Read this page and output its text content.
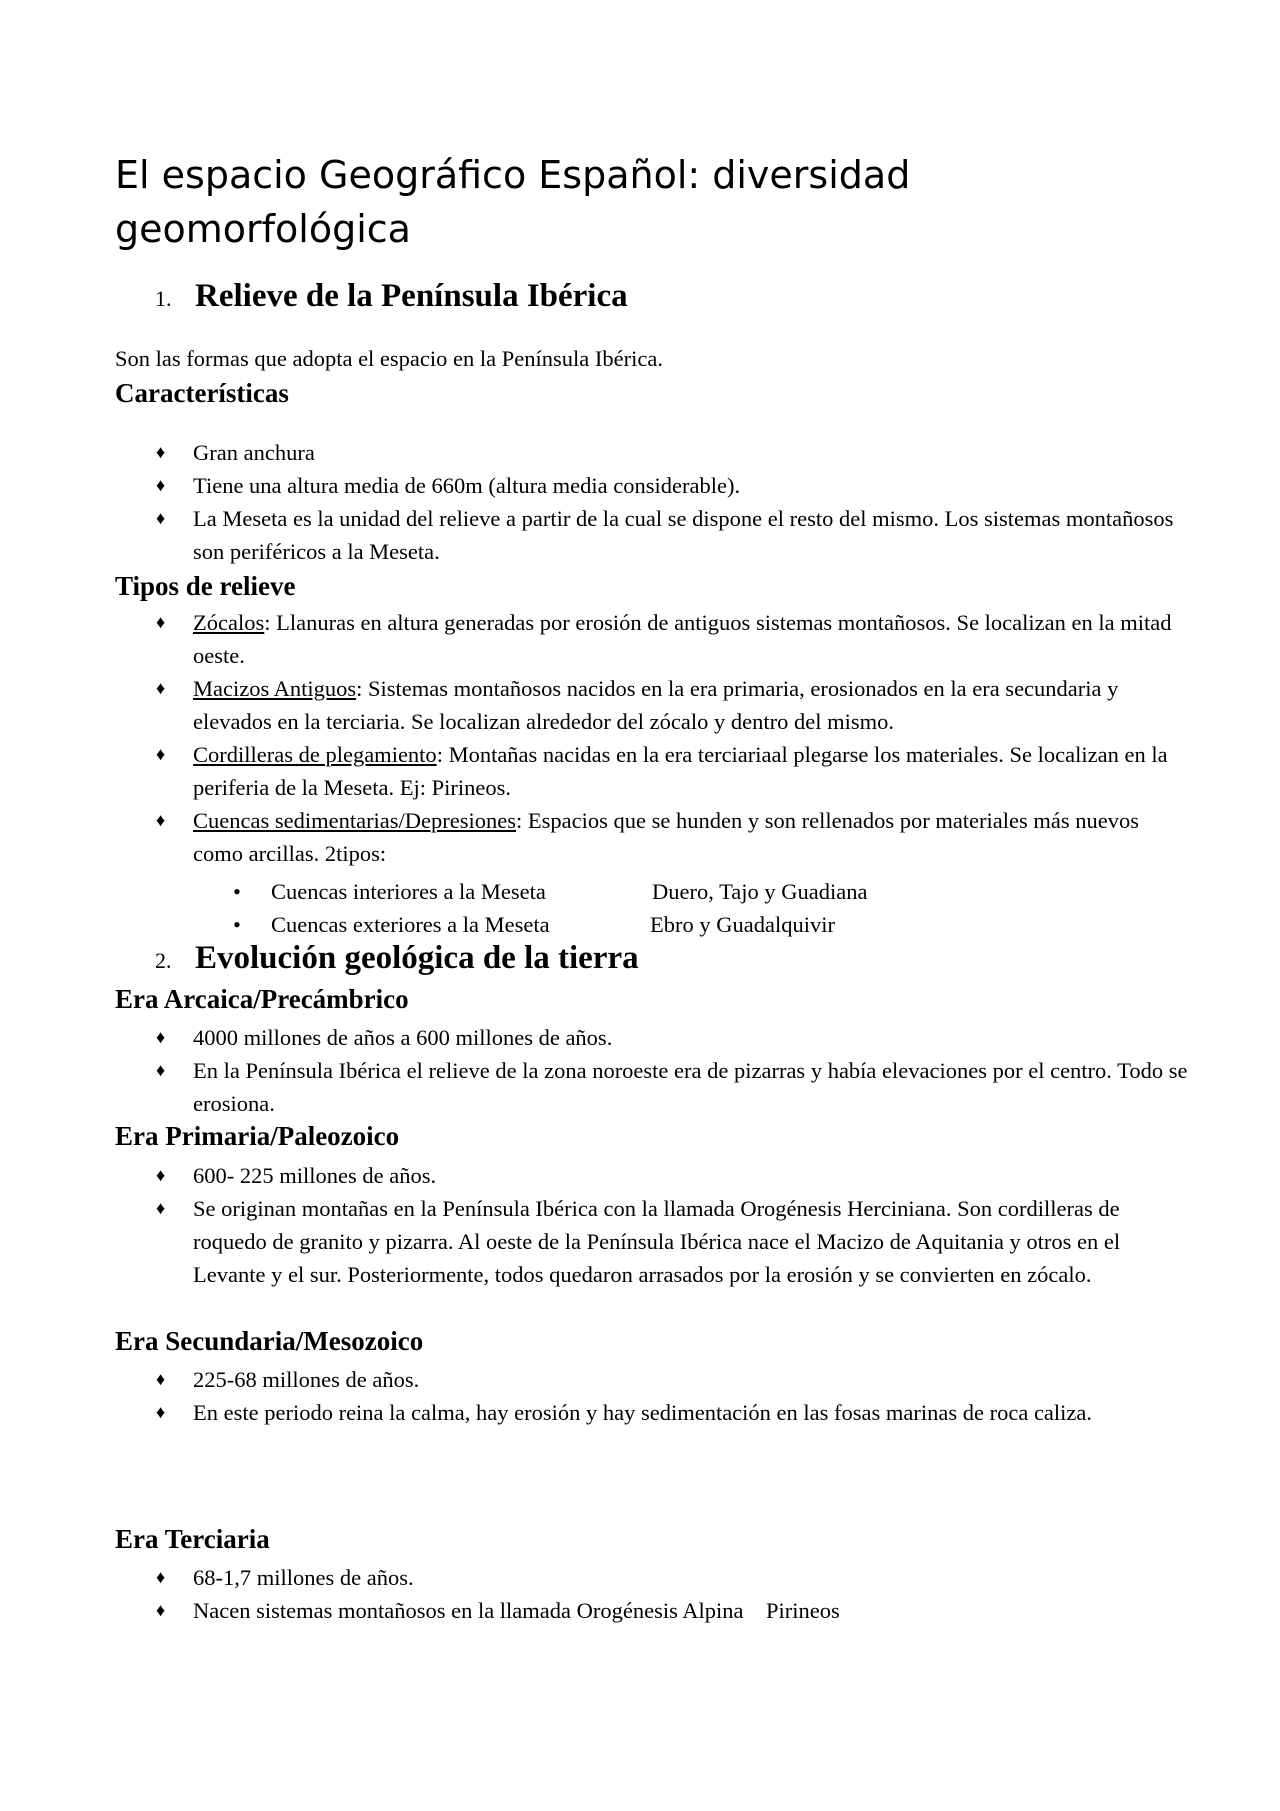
El espacio Geográfico Español: diversidad geomorfológica
1. Relieve de la Península Ibérica

Son las formas que adopta el espacio en la Península Ibérica.

Características
♦ Gran anchura
♦ Tiene una altura media de 660m (altura media considerable).
♦ La Meseta es la unidad del relieve a partir de la cual se dispone el resto del mismo. Los sistemas montañosos son periféricos a la Meseta.
Tipos de relieve
♦ Zócalos: Llanuras en altura generadas por erosión de antiguos sistemas montañosos. Se localizan en la mitad oeste.
♦ Macizos Antiguos: Sistemas montañosos nacidos en la era primaria, erosionados en la era secundaria y elevados en la terciaria. Se localizan alrededor del zócalo y dentro del mismo.
♦ Cordilleras de plegamiento: Montañas nacidas en la era terciariaal plegarse los materiales. Se localizan en la periferia de la Meseta. Ej: Pirineos.
♦ Cuencas sedimentarias/Depresiones: Espacios que se hunden y son rellenados por materiales más nuevos como arcillas. 2tipos:
• Cuencas interiores a la Meseta	Duero, Tajo y Guadiana
• Cuencas exteriores a la Meseta	Ebro y Guadalquivir
2. Evolución geológica de la tierra
Era Arcaica/Precámbrico
♦ 4000 millones de años a 600 millones de años.
♦ En la Península Ibérica el relieve de la zona noroeste era de pizarras y había elevaciones por el centro. Todo se erosiona.
Era Primaria/Paleozoico
♦ 600- 225 millones de años.
♦ Se originan montañas en la Península Ibérica con la llamada Orogénesis Herciniana. Son cordilleras de roquedo de granito y pizarra. Al oeste de la Península Ibérica nace el Macizo de Aquitania y otros en el Levante y el sur. Posteriormente, todos quedaron arrasados por la erosión y se convierten en zócalo.
Era Secundaria/Mesozoico
♦ 225-68 millones de años.
♦ En este periodo reina la calma, hay erosión y hay sedimentación en las fosas marinas de roca caliza.
Era Terciaria
♦ 68-1,7 millones de años.
♦ Nacen sistemas montañosos en la llamada Orogénesis Alpina    Pirineos
